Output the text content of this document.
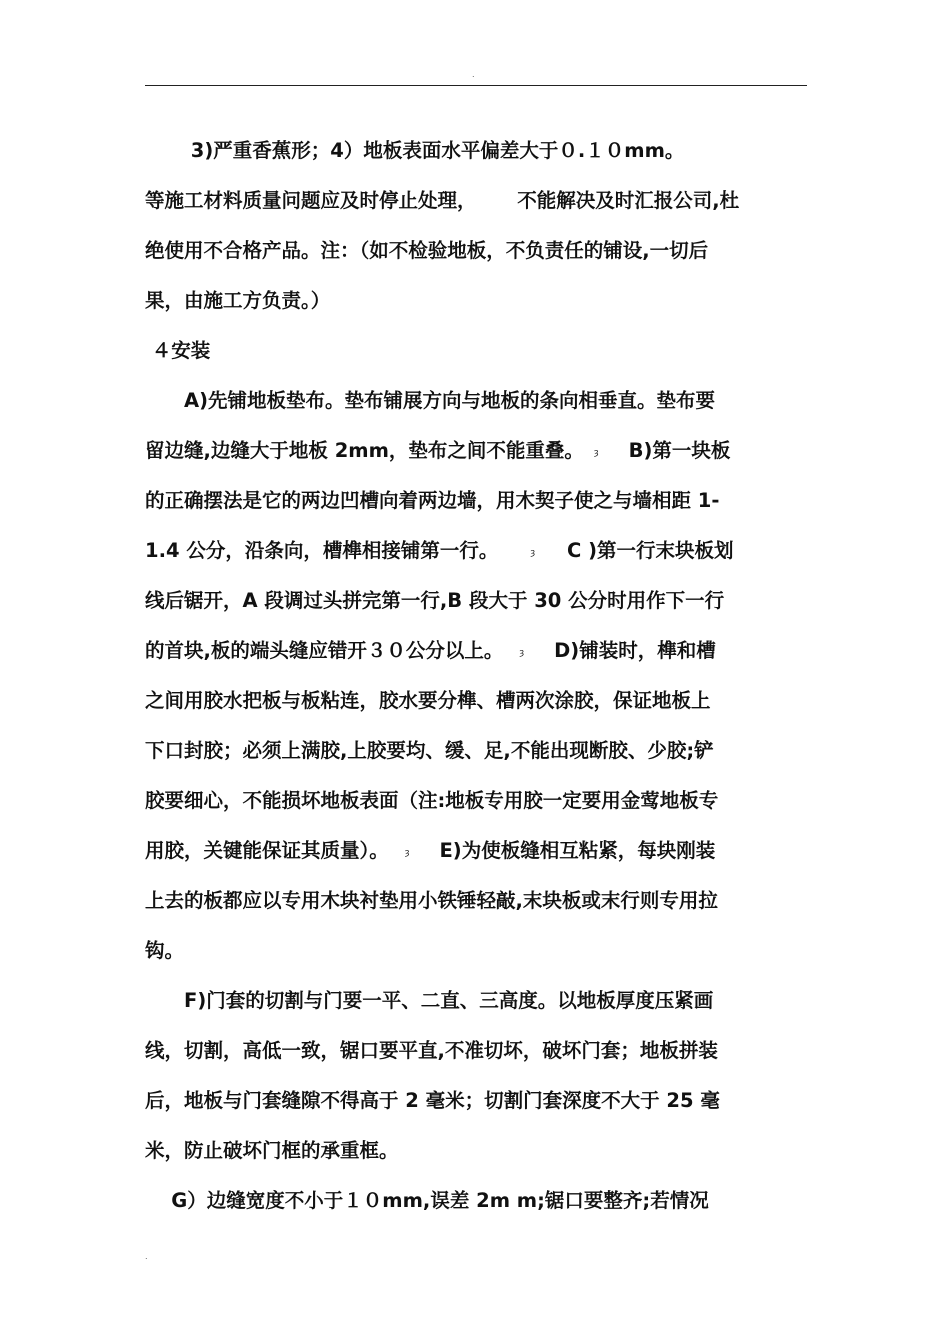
.
　　 3)严重香蕉形；4）地板表面水平偏差大于０.１０mm。
等施工材料质量问题应及时停止处理，      不能解决及时汇报公司,杜
绝使用不合格产品。注：（如不检验地板，不负责任的铺设,一切后
果，由施工方负责。）
４安装
　　A)先铺地板垫布。垫布铺展方向与地板的条向相垂直。垫布要
留边缝,边缝大于地板 2mm，垫布之间不能重叠。 ȝ B)第一块板
的正确摆法是它的两边凹槽向着两边墙，用木契子使之与墙相距 1-
1.4 公分，沿条向，槽榫相接铺第一行。	ȝ C )第一行末块板划
线后锯开，A 段调过头拼完第一行,B 段大于 30 公分时用作下一行
的首块,板的端头缝应错开３０公分以上。 ȝ D)铺装时，榫和槽
之间用胶水把板与板粘连，胶水要分榫、槽两次涂胶，保证地板上
下口封胶；必须上满胶,上胶要均、缓、足,不能出现断胶、少胶;铲
胶要细心，不能损坏地板表面（注:地板专用胶一定要用金莺地板专
用胶，关键能保证其质量）。 ȝ E)为使板缝相互粘紧，每块刚装
上去的板都应以专用木块衬垫用小铁锤轻敲,末块板或末行则专用拉
钩。
　　F)门套的切割与门要一平、二直、三高度。以地板厚度压紧画
线，切割，高低一致，锯口要平直,不准切坏，破坏门套；地板拼装
后，地板与门套缝隙不得高于 2 毫米；切割门套深度不大于 25 毫
米，防止破坏门框的承重框。
　 G）边缝宽度不小于１０mm,误差 2m m;锯口要整齐;若情况
.
